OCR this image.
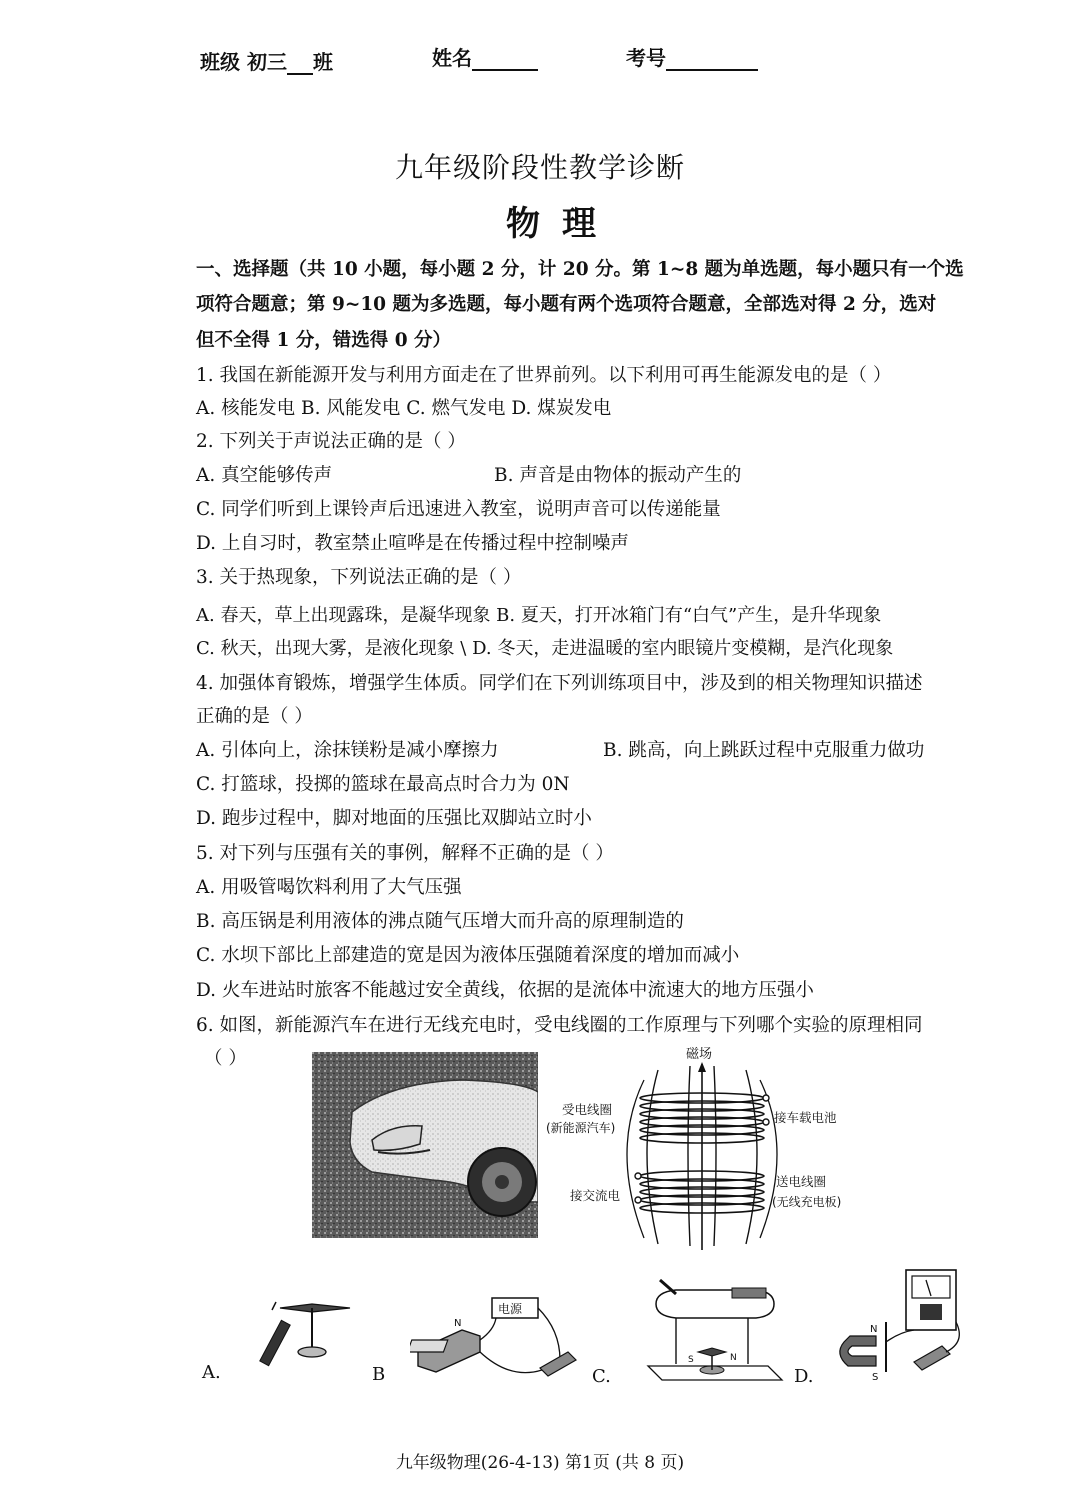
班级 初三 班	姓名	考号
九年级阶段性教学诊断
物理
一、选择题（共 10 小题，每小题 2 分，计 20 分。第 1~8 题为单选题，每小题只有一个选
项符合题意；第 9~10 题为多选题，每小题有两个选项符合题意，全部选对得 2 分，选对
但不全得 1 分，错选得 0 分）
1. 我国在新能源开发与利用方面走在了世界前列。以下利用可再生能源发电的是（ ）
A. 核能发电 B. 风能发电 C. 燃气发电 D. 煤炭发电
2. 下列关于声说法正确的是（ ）
A. 真空能够传声	B. 声音是由物体的振动产生的
C. 同学们听到上课铃声后迅速进入教室，说明声音可以传递能量
D. 上自习时，教室禁止喧哗是在传播过程中控制噪声
3. 关于热现象，下列说法正确的是（ ）
A. 春天，草上出现露珠，是凝华现象 B. 夏天，打开冰箱门有“白气”产生，是升华现象
C. 秋天，出现大雾，是液化现象 \ D. 冬天，走进温暖的室内眼镜片变模糊，是汽化现象
4. 加强体育锻炼，增强学生体质。同学们在下列训练项目中，涉及到的相关物理知识描述
正确的是（ ）
A. 引体向上，涂抹镁粉是减小摩擦力	B. 跳高，向上跳跃过程中克服重力做功
C. 打篮球，投掷的篮球在最高点时合力为 0N
D. 跑步过程中，脚对地面的压强比双脚站立时小
5. 对下列与压强有关的事例，解释不正确的是（ ）
A. 用吸管喝饮料利用了大气压强
B. 高压锅是利用液体的沸点随气压增大而升高的原理制造的
C. 水坝下部比上部建造的宽是因为液体压强随着深度的增加而减小
D. 火车进站时旅客不能越过安全黄线，依据的是流体中流速大的地方压强小
6. 如图，新能源汽车在进行无线充电时，受电线圈的工作原理与下列哪个实验的原理相同
（ ）	磁场
受电线圈
(新能源汽车)
接车载电池
接交流电
送电线圈
(无线充电板)
A.	B
电源
N
C.
S	N
D.
N
S
九年级物理(26-4-13) 第1页 (共 8 页)
